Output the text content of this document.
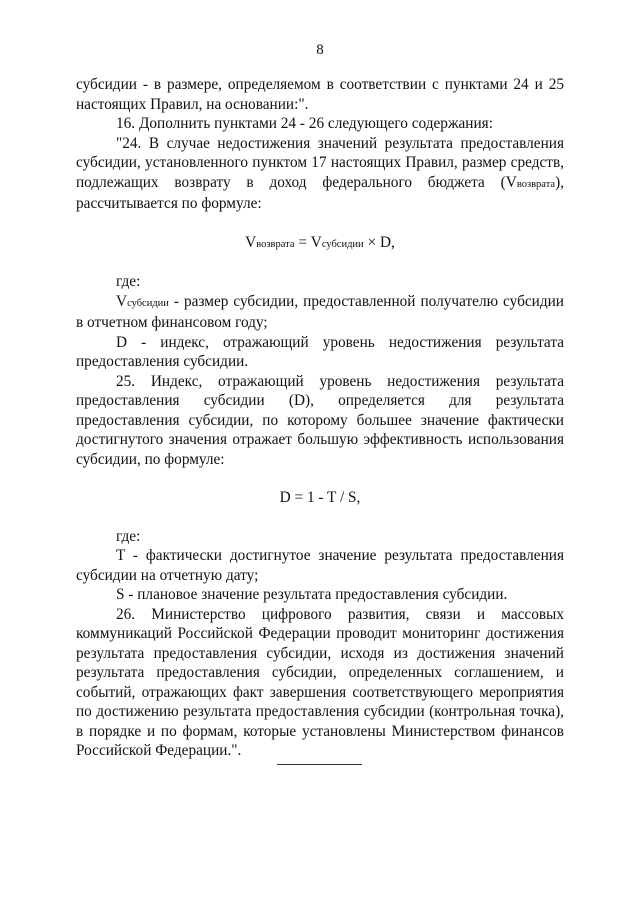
8

субсидии - в размере, определяемом в соответствии с пунктами 24 и 25 настоящих Правил, на основании:".

16. Дополнить пунктами 24 - 26 следующего содержания:

"24. В случае недостижения значений результата предоставления субсидии, установленного пунктом 17 настоящих Правил, размер средств, подлежащих возврату в доход федерального бюджета (Vвозврата), рассчитывается по формуле:

Vвозврата = Vсубсидии × D,

где:

Vсубсидии - размер субсидии, предоставленной получателю субсидии в отчетном финансовом году;

D - индекс, отражающий уровень недостижения результата предоставления субсидии.

25. Индекс, отражающий уровень недостижения результата предоставления субсидии (D), определяется для результата предоставления субсидии, по которому большее значение фактически достигнутого значения отражает большую эффективность использования субсидии, по формуле:

D = 1 - T / S,

где:

T - фактически достигнутое значение результата предоставления субсидии на отчетную дату;

S - плановое значение результата предоставления субсидии.

26. Министерство цифрового развития, связи и массовых коммуникаций Российской Федерации проводит мониторинг достижения результата предоставления субсидии, исходя из достижения значений результата предоставления субсидии, определенных соглашением, и событий, отражающих факт завершения соответствующего мероприятия по достижению результата предоставления субсидии (контрольная точка), в порядке и по формам, которые установлены Министерством финансов Российской Федерации.".
